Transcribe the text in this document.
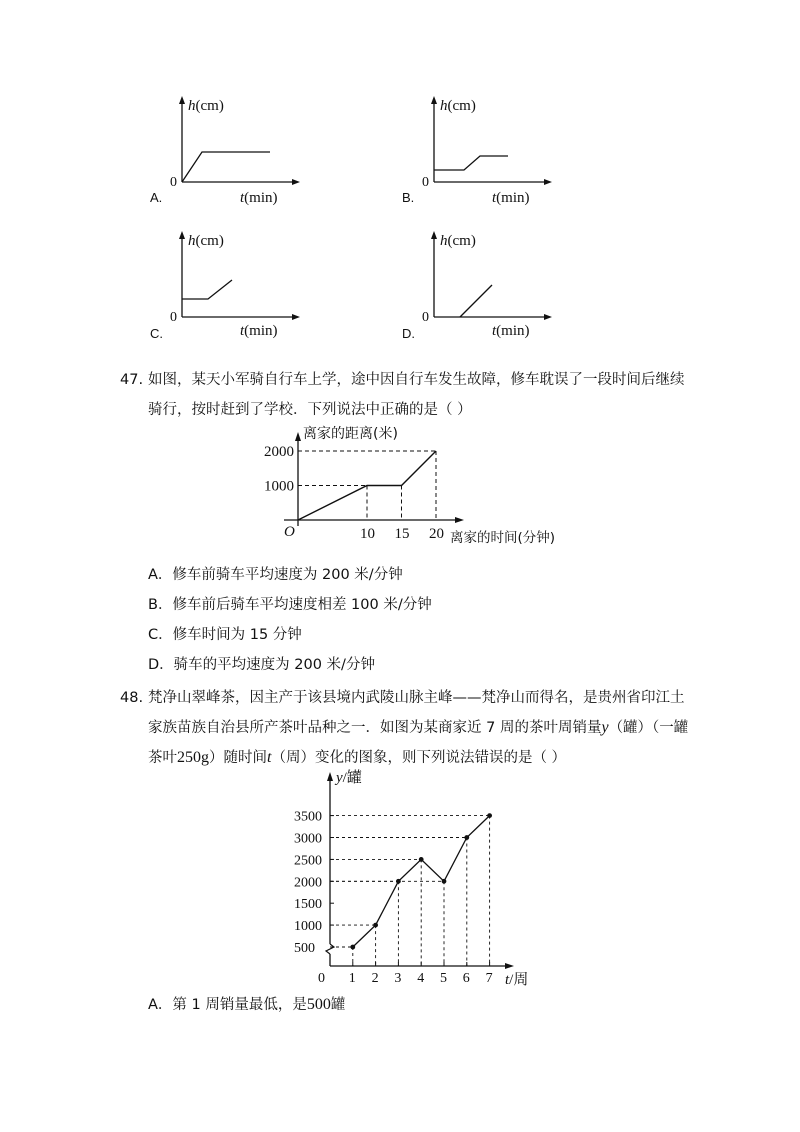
h(cm)
0
t(min)
A.
h(cm)
0
t(min)
B.
h(cm)
0
t(min)
C.
h(cm)
0
t(min)
D.
47. 如图，某天小军骑自行车上学，途中因自行车发生故障，修车耽误了一段时间后继续
骑行，按时赶到了学校．下列说法中正确的是（ ）
10 15 20
1000
2000
O
离家的距离(米)
离家的时间(分钟)
A．修车前骑车平均速度为 200 米/分钟
B．修车前后骑车平均速度相差 100 米/分钟
C．修车时间为 15 分钟
D．骑车的平均速度为 200 米/分钟
48. 梵净山翠峰茶，因主产于该县境内武陵山脉主峰——梵净山而得名，是贵州省印江土
家族苗族自治县所产茶叶品种之一．如图为某商家近 7 周的茶叶周销量y（罐）（一罐
茶叶250g）随时间t（周）变化的图象，则下列说法错误的是（ ）
500
1000
1500
2000
2500
3000
3500
1 2 3 4 5 6 7
0
y/罐
t/周
A．第 1 周销量最低，是500罐
